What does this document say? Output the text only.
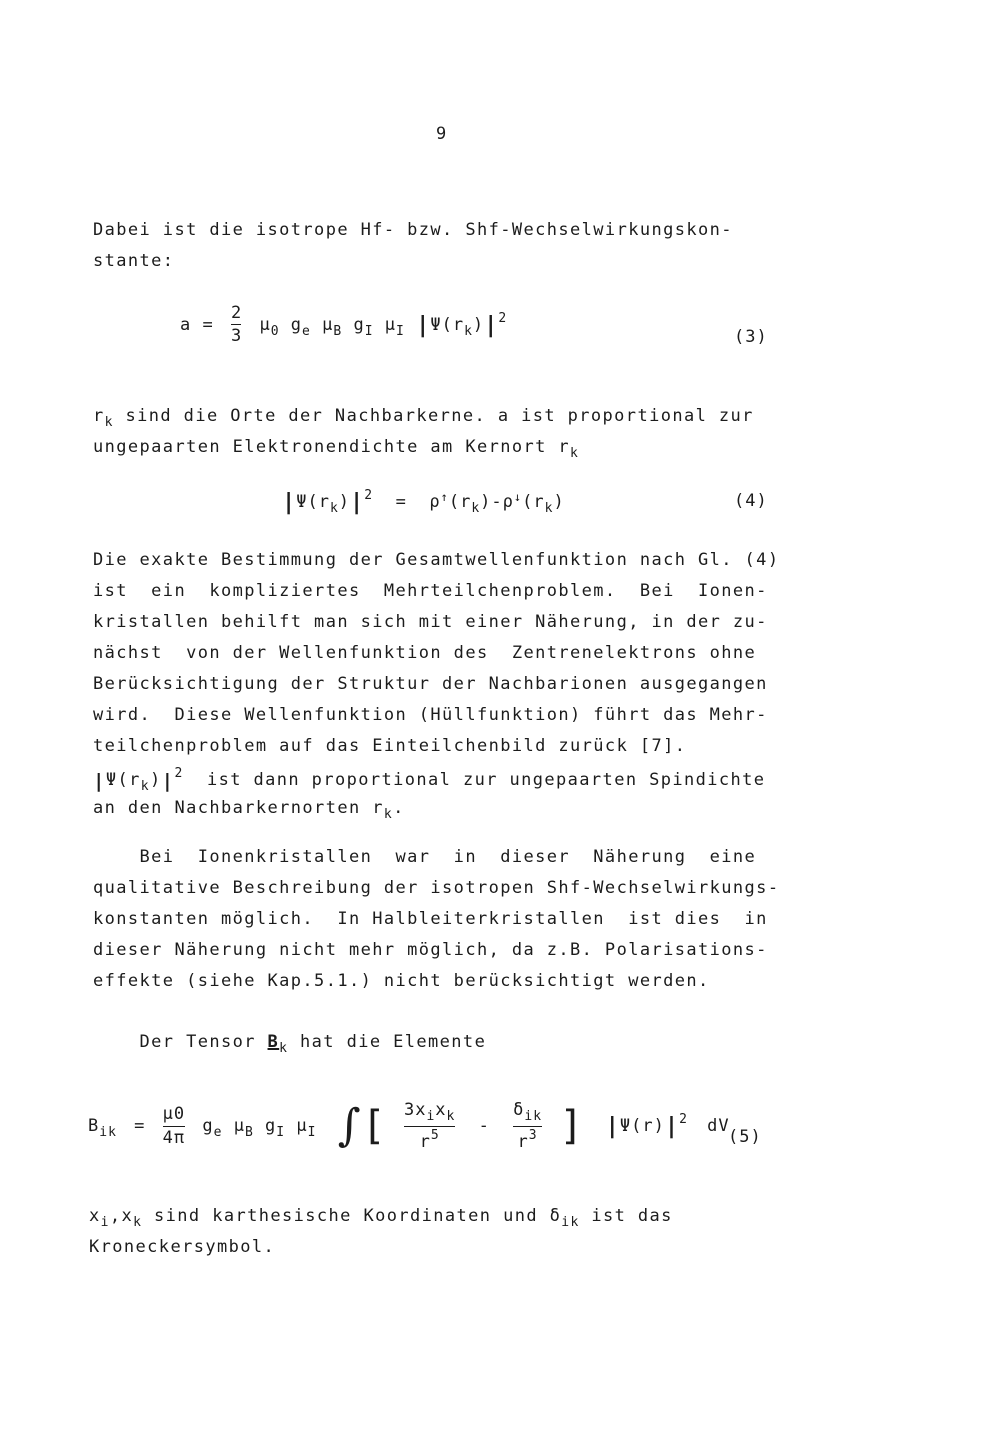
9
Dabei ist die isotrope Hf- bzw. Shf-Wechselwirkungskon-
stante:
$a = \frac{2}{3} \mu_0$ $g_e$ $\mu_B$ $g_I$ $\mu_I$ $|\Psi(r_k)|^2$
(3)
$r_k$ sind die Orte der Nachbarkerne. a ist proportional zur
ungepaarten Elektronendichte am Kernort $r_k$
$|\Psi(r_k)|^2 = \rho^↑(r_k)-\rho^↓(r_k)$	(4)
Die exakte Bestimmung der Gesamtwellenfunktion nach Gl. (4)
ist  ein  kompliziertes  Mehrteilchenproblem.  Bei  Ionen-
kristallen behilft man sich mit einer Näherung, in der zu-
nächst  von der Wellenfunktion des  Zentrenelektrons ohne
Berücksichtigung der Struktur der Nachbarionen ausgegangen
wird.  Diese Wellenfunktion (Hüllfunktion) führt das Mehr-
teilchenproblem auf das Einteilchenbild zurück [7].
$|\Psi(r_k)|^2$  ist dann proportional zur ungepaarten Spindichte
an den Nachbarkernorten $r_k$.
Bei  Ionenkristallen  war  in  dieser  Näherung  eine
qualitative Beschreibung der isotropen Shf-Wechselwirkungs-
konstanten möglich.  In Halbleiterkristallen  ist dies  in
dieser Näherung nicht mehr möglich, da z.B. Polarisations-
effekte (siehe Kap.5.1.) nicht berücksichtigt werden.
Der Tensor $B_k$ hat die Elemente
$B_{ik} = \frac{\mu 0}{4\pi} g_e$ $\mu_B$ $g_I$ $\mu_I$ ∫[ $\frac{3x_ix_k}{r^5} - \frac{\delta_{ik}}{r^3}$ ] $|\Psi(r)|^2$ dV
(5)
$x_i,x_k$ sind karthesische Koordinaten und $\delta_{ik}$ ist das
Kroneckersymbol.
